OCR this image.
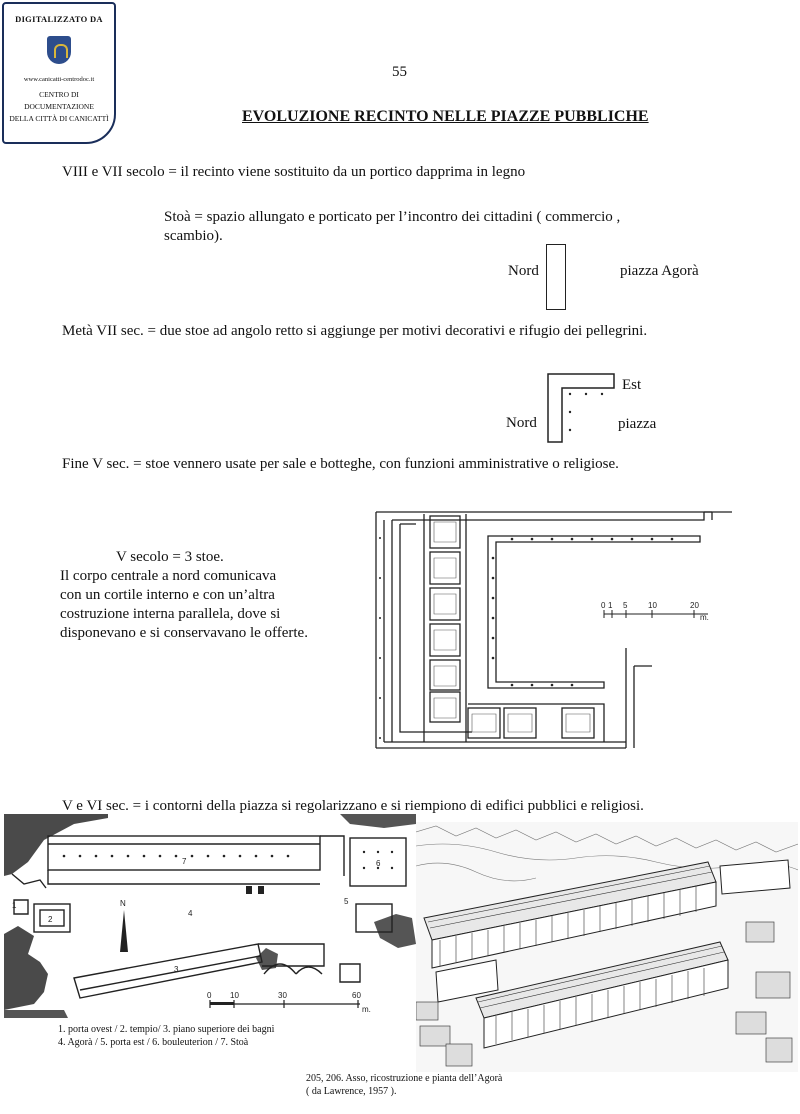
DIGITALIZZATO DA
www.canicatti-centrodoc.it
CENTRO DI DOCUMENTAZIONE
DELLA CITTÀ DI CANICATTÌ
55
EVOLUZIONE RECINTO NELLE PIAZZE PUBBLICHE
VIII e VII secolo = il recinto viene sostituito da un portico dapprima in legno
Stoà = spazio allungato e porticato per l’incontro dei cittadini ( commercio ,
scambio).
Nord	piazza Agorà
Metà VII sec. = due stoe ad angolo retto si aggiunge per motivi decorativi e rifugio dei pellegrini.
Est
Nord	piazza
Fine V sec. = stoe vennero usate per sale e botteghe, con funzioni amministrative o religiose.
V secolo = 3 stoe.
Il corpo centrale a nord comunicava
con un cortile interno e con un’altra
costruzione interna parallela, dove si
disponevano e si conservavano le offerte.
0 1 5	10	20
m.
V e VI sec. = i contorni della piazza si regolarizzano e si riempiono di edifici pubblici e religiosi.
1
2
3
4
5
6
7
N
0 10	30	60
m.
1. porta ovest / 2. tempio/ 3. piano superiore dei bagni
4. Agorà / 5. porta est / 6. bouleuterion / 7. Stoà
205, 206. Asso, ricostruzione e pianta dell’Agorà
( da Lawrence, 1957 ).
